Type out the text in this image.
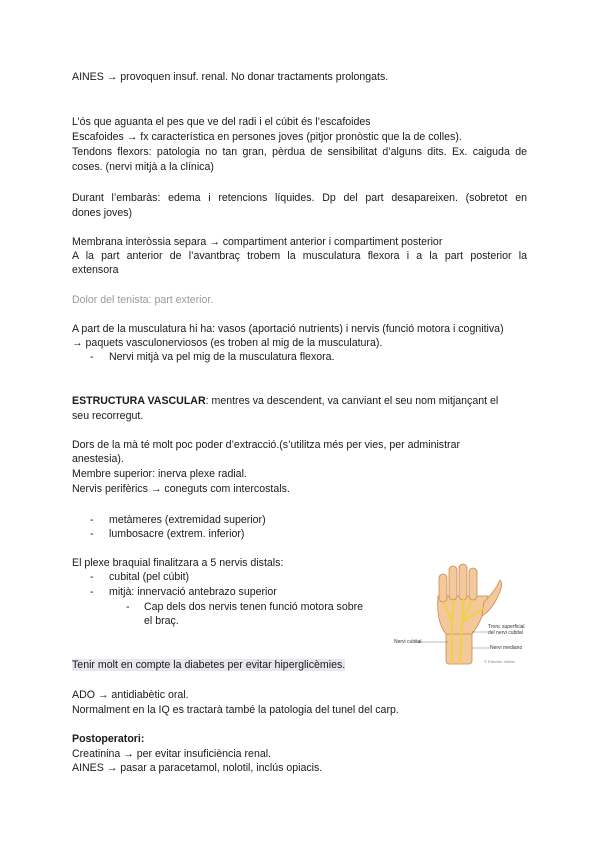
AINES → provoquen insuf. renal. No donar tractaments prolongats.
L’ós que aguanta el pes que ve del radi i el cúbit és l’escafoides
Escafoides → fx característica en persones joves (pitjor pronòstic que la de colles).
Tendons flexors: patologia no tan gran, pèrdua de sensibilitat d’alguns dits. Ex. caiguda de
coses. (nervi mitjà a la clínica)
Durant l’embaràs: edema i retencions líquides. Dp del part desapareixen. (sobretot en
dones joves)
Membrana interòssia separa → compartiment anterior i compartiment posterior
A la part anterior de l’avantbraç trobem la musculatura flexora i a la part posterior la
extensora
Dolor del tenista: part exterior.
A part de la musculatura hi ha: vasos (aportació nutrients) i nervis (funció motora i cognitiva)
→ paquets vasculonerviosos (es troben al mig de la musculatura).
- Nervi mitjà va pel mig de la musculatura flexora.
ESTRUCTURA VASCULAR: mentres va descendent, va canviant el seu nom mitjançant el
seu recorregut.
Dors de la mà té molt poc poder d’extracció.(s’utilitza més per vies, per administrar
anestesia).
Membre superior: inerva plexe radial.
Nervis perifèrics → coneguts com intercostals.
- metàmeres (extremidad superior)
- lumbosacre (extrem. inferior)
El plexe braquial finalitzara a 5 nervis distals:
- cubital (pel cúbit)
- mitjà: innervació antebrazo superior
- Cap dels dos nervis tenen funció motora sobre
el braç.
Nervi cubital
Tronc superficial
del nervi cubital
Nervi mediano
© Elsevier. Netter
Tenir molt en compte la diabetes per evitar hiperglicèmies.
ADO → antidiabètic oral.
Normalment en la IQ es tractarà també la patologia del tunel del carp.
Postoperatori:
Creatinina → per evitar insuficiència renal.
AINES → pasar a paracetamol, nolotil, inclús opiacis.
